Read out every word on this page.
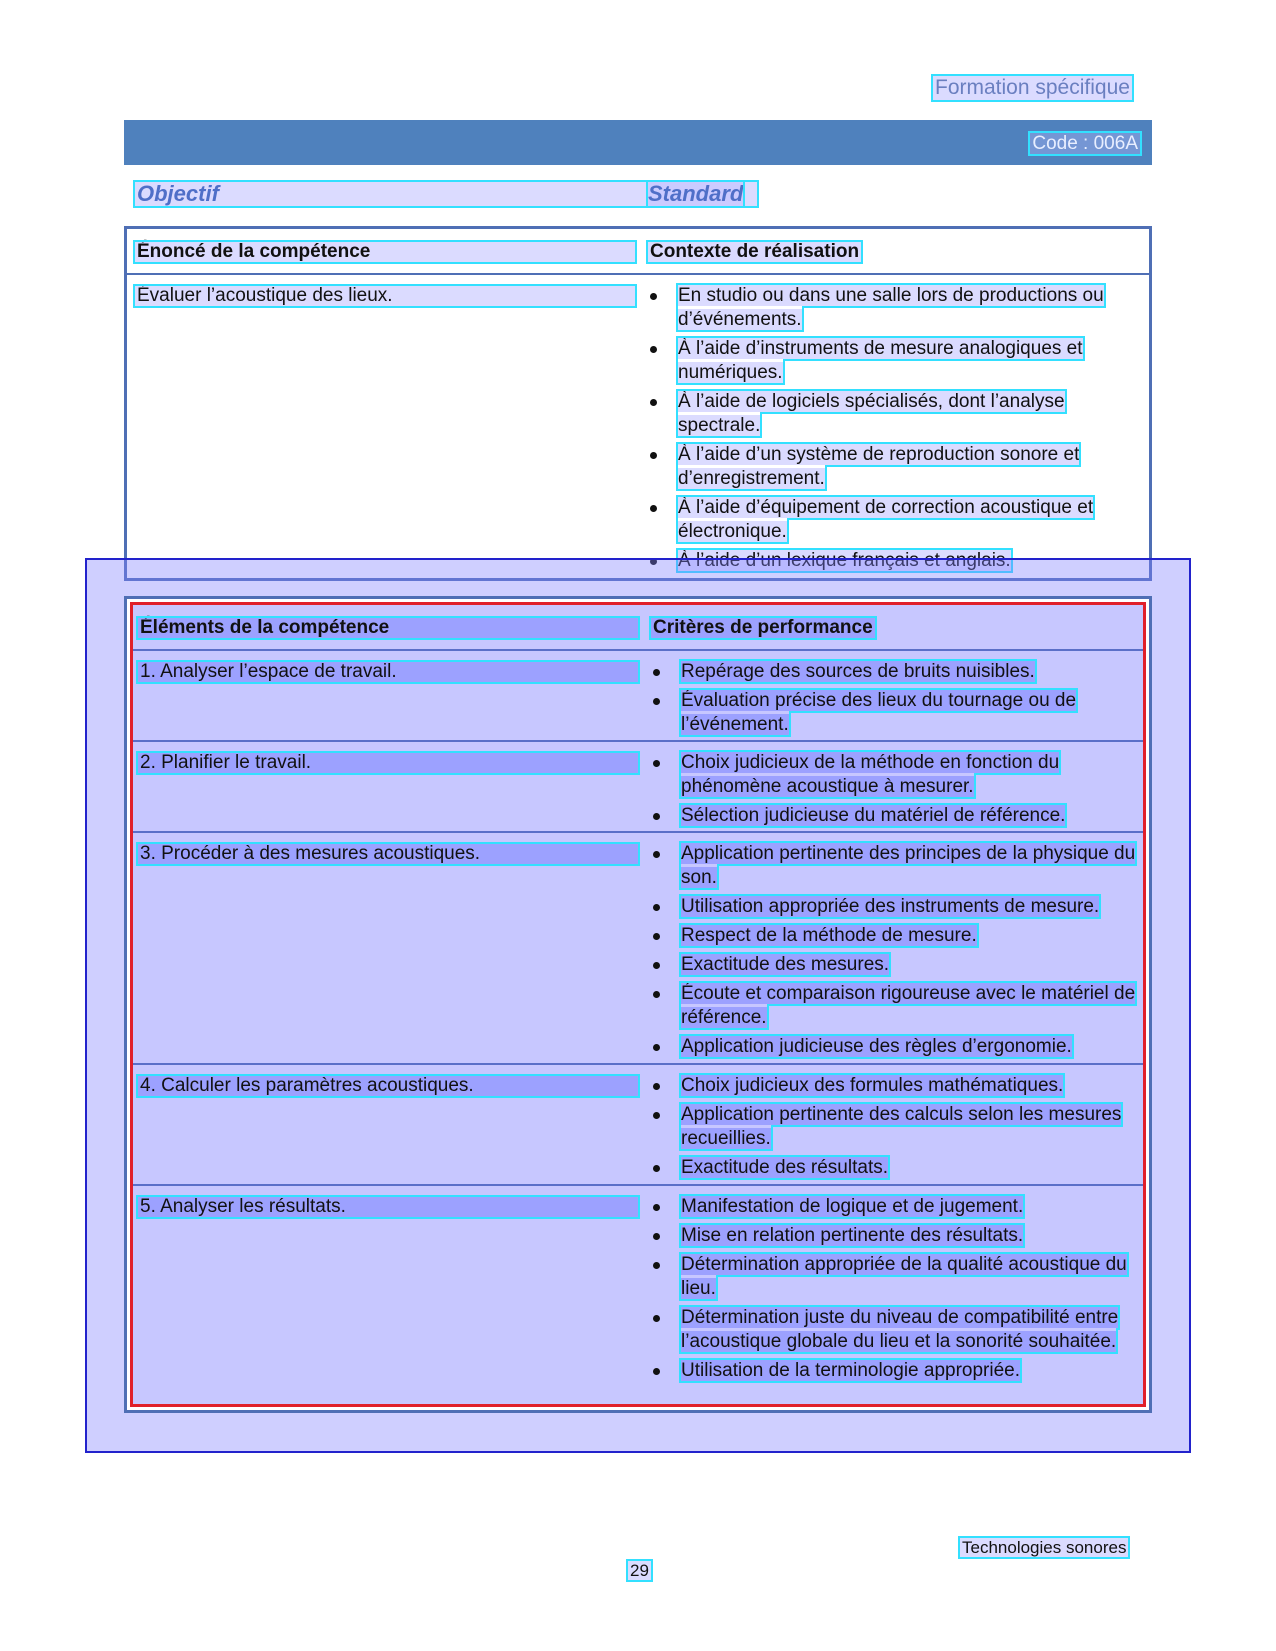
Formation spécifique
Code : 006A
Objectif	Standard
Énoncé de la compétence	Contexte de réalisation
Évaluer l’acoustique des lieux.	En studio ou dans une salle lors de productions ou d’événements.
À l’aide d’instruments de mesure analogiques et numériques.
À l’aide de logiciels spécialisés, dont l’analyse spectrale.
À l’aide d’un système de reproduction sonore et d’enregistrement.
À l’aide d’équipement de correction acoustique et électronique.
À l’aide d’un lexique français et anglais.
Éléments de la compétence	Critères de performance
1. Analyser l’espace de travail.	Repérage des sources de bruits nuisibles.
Évaluation précise des lieux du tournage ou de l’événement.
2. Planifier le travail.	Choix judicieux de la méthode en fonction du phénomène acoustique à mesurer.
Sélection judicieuse du matériel de référence.
3. Procéder à des mesures acoustiques.	Application pertinente des principes de la physique du son.
Utilisation appropriée des instruments de mesure.
Respect de la méthode de mesure.
Exactitude des mesures.
Écoute et comparaison rigoureuse avec le matériel de référence.
Application judicieuse des règles d’ergonomie.
4. Calculer les paramètres acoustiques.	Choix judicieux des formules mathématiques.
Application pertinente des calculs selon les mesures recueillies.
Exactitude des résultats.
5. Analyser les résultats.	Manifestation de logique et de jugement.
Mise en relation pertinente des résultats.
Détermination appropriée de la qualité acoustique du lieu.
Détermination juste du niveau de compatibilité entre l’acoustique globale du lieu et la sonorité souhaitée.
Utilisation de la terminologie appropriée.
Technologies sonores
29
